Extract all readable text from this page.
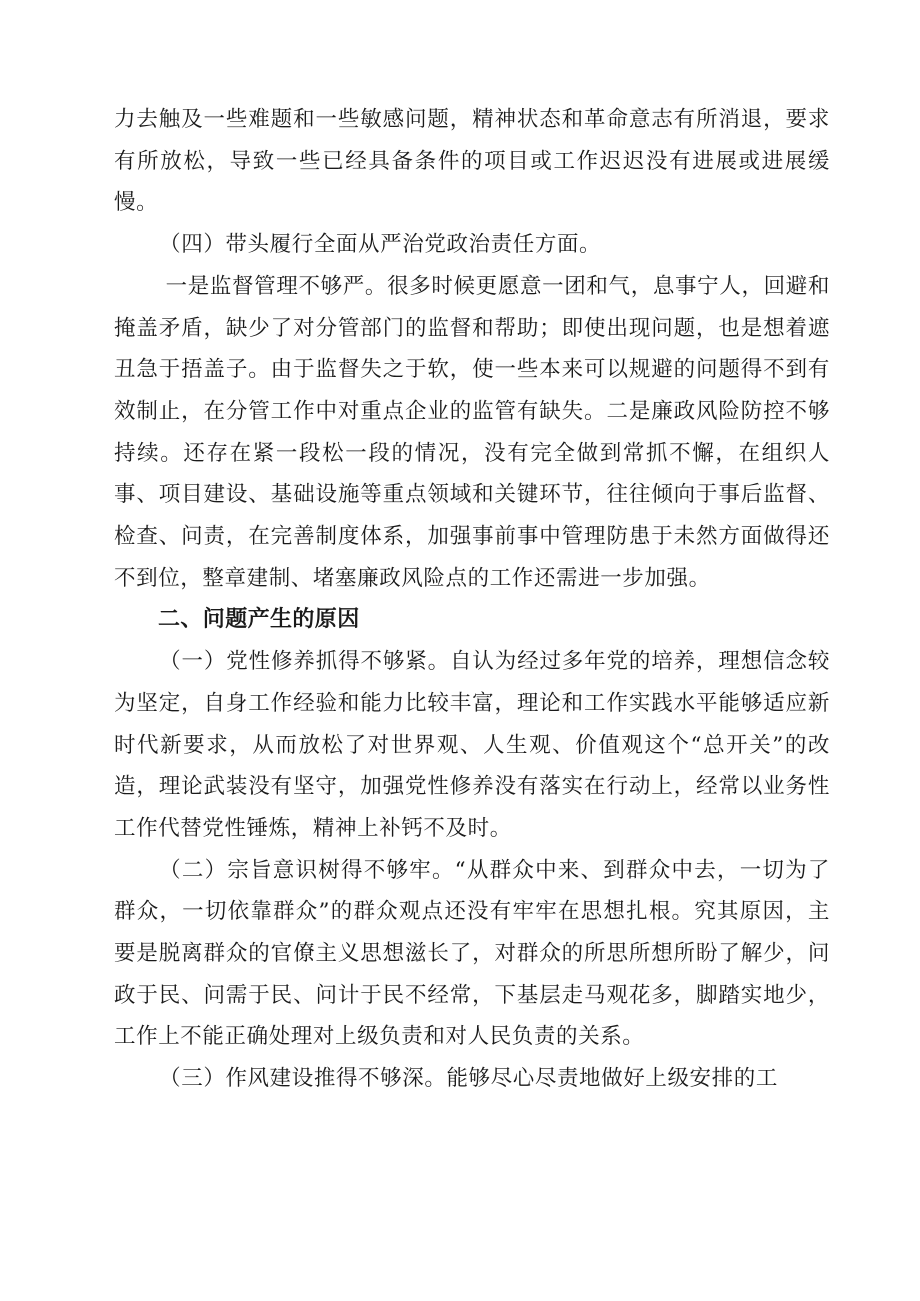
力去触及一些难题和一些敏感问题，精神状态和革命意志有所消退，要求有所放松，导致一些已经具备条件的项目或工作迟迟没有进展或进展缓慢。

（四）带头履行全面从严治党政治责任方面。

一是监督管理不够严。很多时候更愿意一团和气，息事宁人，回避和掩盖矛盾，缺少了对分管部门的监督和帮助；即使出现问题，也是想着遮丑急于捂盖子。由于监督失之于软，使一些本来可以规避的问题得不到有效制止，在分管工作中对重点企业的监管有缺失。二是廉政风险防控不够持续。还存在紧一段松一段的情况，没有完全做到常抓不懈，在组织人事、项目建设、基础设施等重点领域和关键环节，往往倾向于事后监督、检查、问责，在完善制度体系，加强事前事中管理防患于未然方面做得还不到位，整章建制、堵塞廉政风险点的工作还需进一步加强。

二、问题产生的原因

（一）党性修养抓得不够紧。自认为经过多年党的培养，理想信念较为坚定，自身工作经验和能力比较丰富，理论和工作实践水平能够适应新时代新要求，从而放松了对世界观、人生观、价值观这个“总开关”的改造，理论武装没有坚守，加强党性修养没有落实在行动上，经常以业务性工作代替党性锤炼，精神上补钙不及时。

（二）宗旨意识树得不够牢。“从群众中来、到群众中去，一切为了群众，一切依靠群众”的群众观点还没有牢牢在思想扎根。究其原因，主要是脱离群众的官僚主义思想滋长了，对群众的所思所想所盼了解少，问政于民、问需于民、问计于民不经常，下基层走马观花多，脚踏实地少，工作上不能正确处理对上级负责和对人民负责的关系。

（三）作风建设推得不够深。能够尽心尽责地做好上级安排的工
